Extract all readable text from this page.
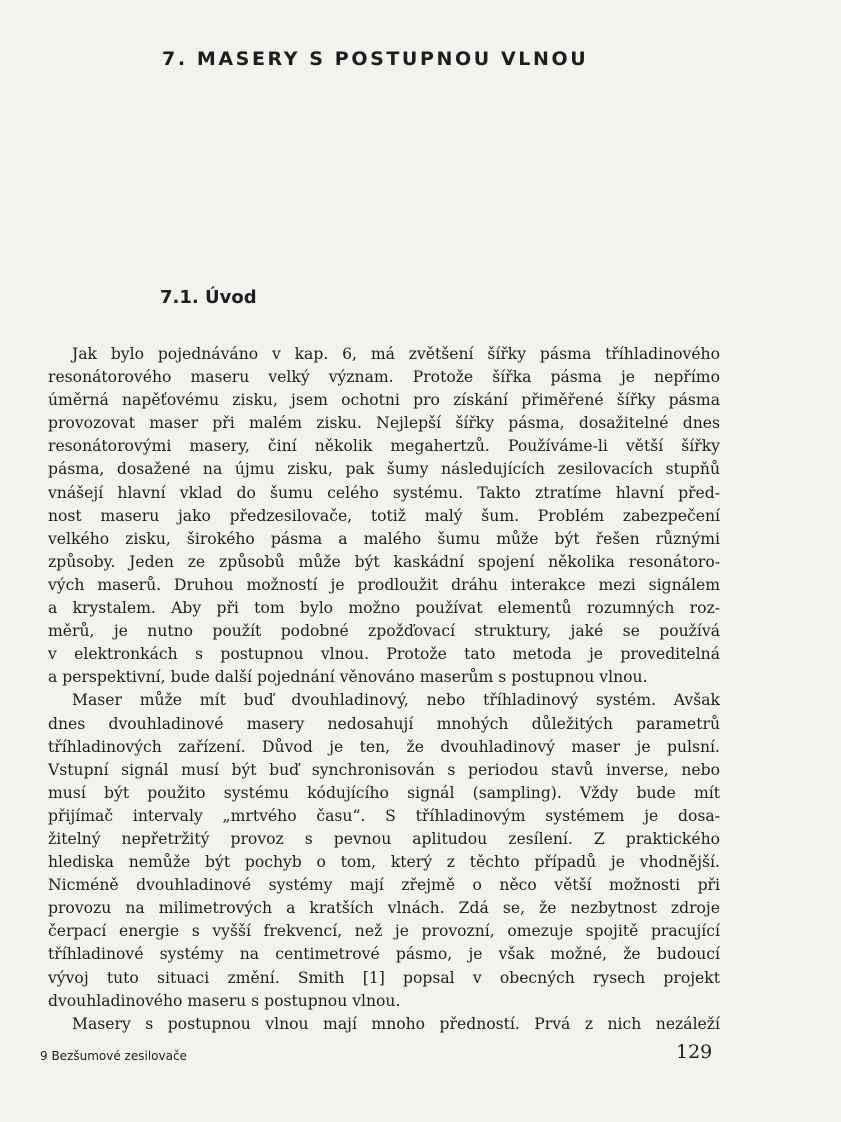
7. MASERY S POSTUPNOU VLNOU
7.1. Úvod
Jak bylo pojednáváno v kap. 6, má zvětšení šířky pásma tříhladinového
resonátorového maseru velký význam. Protože šířka pásma je nepřímo
úměrná napěťovému zisku, jsem ochotni pro získání přiměřené šířky pásma
provozovat maser při malém zisku. Nejlepší šířky pásma, dosažitelné dnes
resonátorovými masery, činí několik megahertzů. Používáme-li větší šířky
pásma, dosažené na újmu zisku, pak šumy následujících zesilovacích stupňů
vnášejí hlavní vklad do šumu celého systému. Takto ztratíme hlavní před-
nost maseru jako předzesilovače, totiž malý šum. Problém zabezpečení
velkého zisku, širokého pásma a malého šumu může být řešen různými
způsoby. Jeden ze způsobů může být kaskádní spojení několika resonátoro-
vých maserů. Druhou možností je prodloužit dráhu interakce mezi signálem
a krystalem. Aby při tom bylo možno používat elementů rozumných roz-
měrů, je nutno použít podobné zpožďovací struktury, jaké se používá
v elektronkách s postupnou vlnou. Protože tato metoda je proveditelná
a perspektivní, bude další pojednání věnováno maserům s postupnou vlnou.
Maser může mít buď dvouhladinový, nebo tříhladinový systém. Avšak
dnes dvouhladinové masery nedosahují mnohých důležitých parametrů
tříhladinových zařízení. Důvod je ten, že dvouhladinový maser je pulsní.
Vstupní signál musí být buď synchronisován s periodou stavů inverse, nebo
musí být použito systému kódujícího signál (sampling). Vždy bude mít
přijímač intervaly „mrtvého času“. S tříhladinovým systémem je dosa-
žitelný nepřetržitý provoz s pevnou aplitudou zesílení. Z praktického
hlediska nemůže být pochyb o tom, který z těchto případů je vhodnější.
Nicméně dvouhladinové systémy mají zřejmě o něco větší možnosti při
provozu na milimetrových a kratších vlnách. Zdá se, že nezbytnost zdroje
čerpací energie s vyšší frekvencí, než je provozní, omezuje spojitě pracující
tříhladinové systémy na centimetrové pásmo, je však možné, že budoucí
vývoj tuto situaci změní. Smith [1] popsal v obecných rysech projekt
dvouhladinového maseru s postupnou vlnou.
Masery s postupnou vlnou mají mnoho předností. Prvá z nich nezáleží
9 Bezšumové zesilovače	129
